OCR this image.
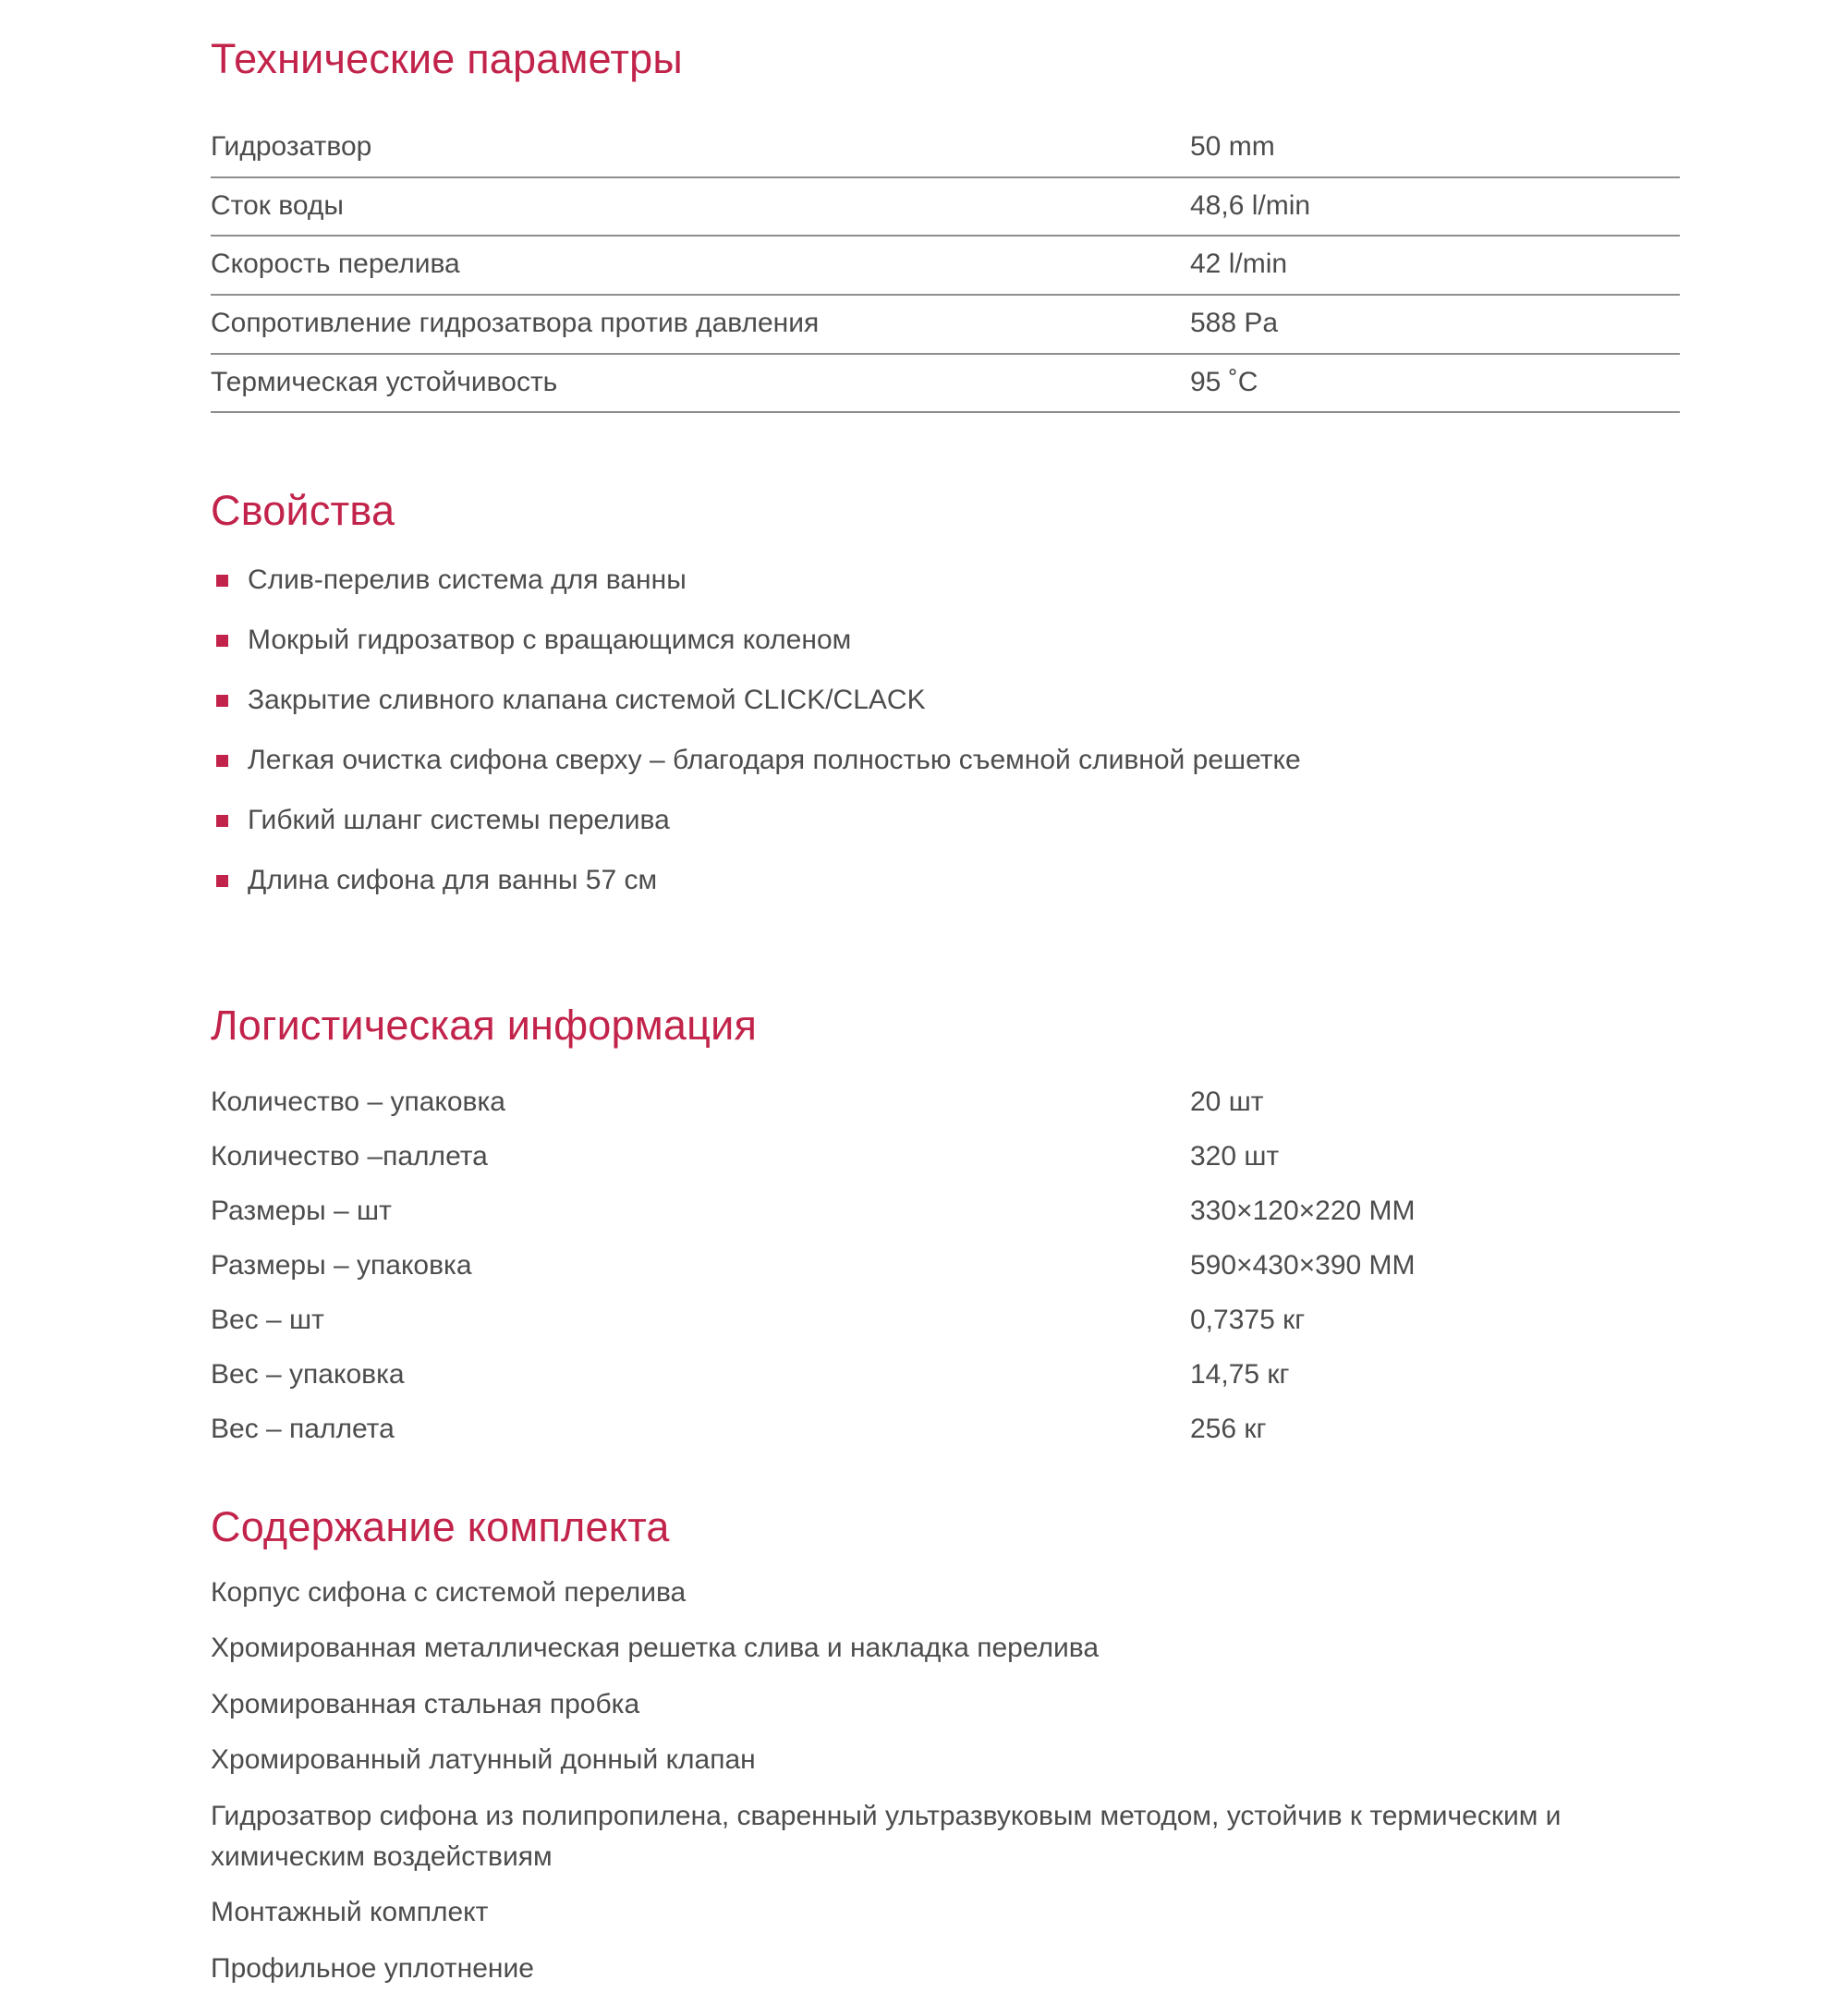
Технические параметры
Гидрозатвор	50 mm
Сток воды	48,6 l/min
Скорость перелива	42 l/min
Сопротивление гидрозатвора против давления	588 Pa
Термическая устойчивость	95 ˚C
Свойства
Слив-перелив система для ванны
Мокрый гидрозатвор с вращающимся коленом
Закрытие сливного клапана системой CLICK/CLACK
Легкая очистка сифона сверху – благодаря полностью съемной сливной решетке
Гибкий шланг системы перелива
Длина сифона для ванны 57 см
Логистическая информация
Количество – упаковка	20 шт
Количество –паллета	320 шт
Размеры – шт	330×120×220 ММ
Размеры – упаковка	590×430×390 ММ
Вес – шт	0,7375 кг
Вес – упаковка	14,75 кг
Вес – паллета	256 кг
Содержание комплекта
Корпус сифона с системой перелива
Хромированная металлическая решетка слива и накладка перелива
Хромированная стальная пробка
Хромированный латунный донный клапан
Гидрозатвор сифона из полипропилена, сваренный ультразвуковым методом, устойчив к термическим и химическим воздействиям
Монтажный комплект
Профильное уплотнение
